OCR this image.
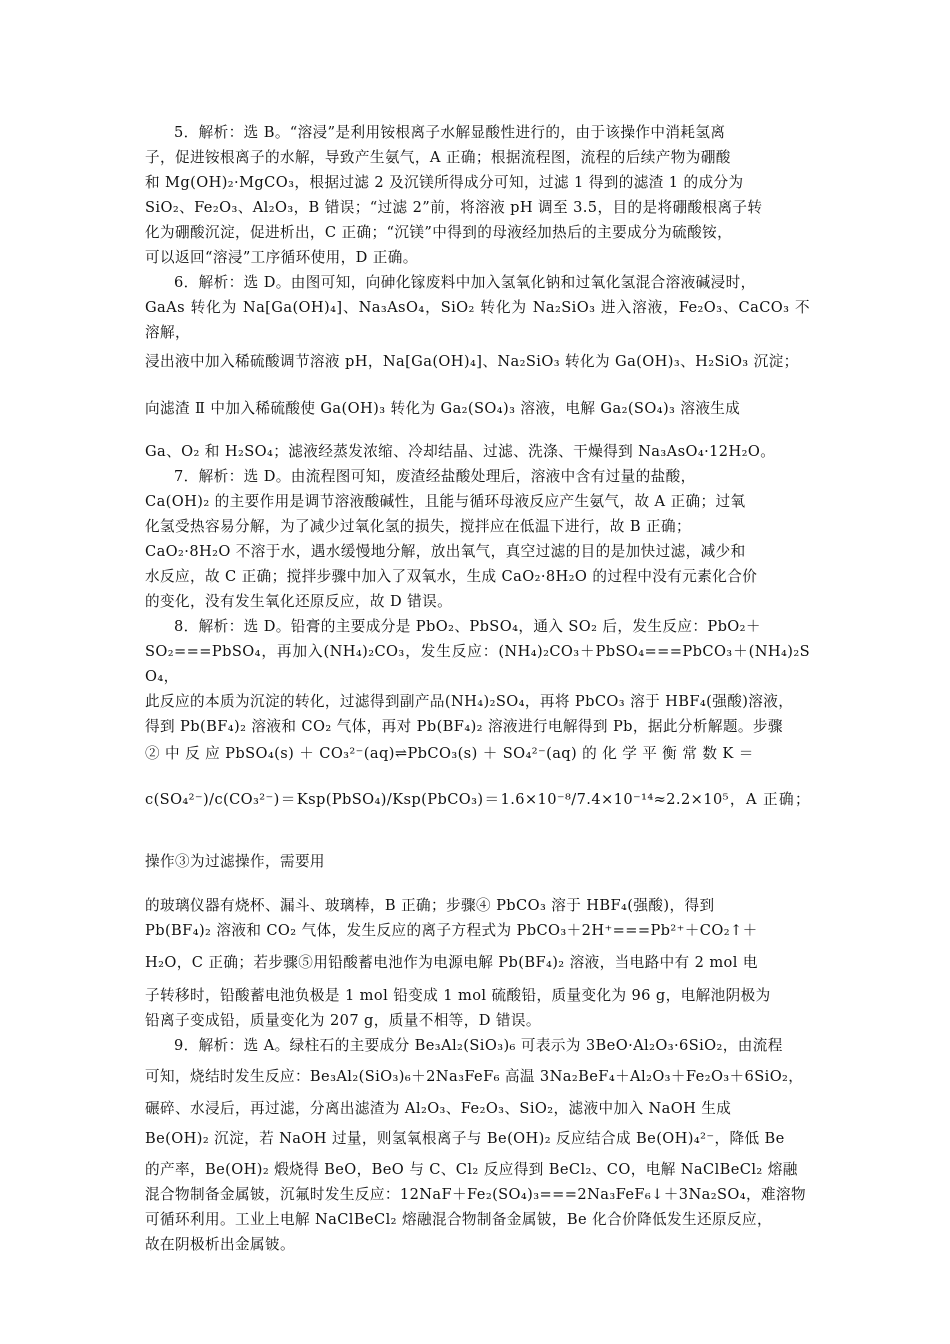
5．解析：选 B。“溶浸”是利用铵根离子水解显酸性进行的，由于该操作中消耗氢离

子，促进铵根离子的水解，导致产生氨气，A 正确；根据流程图，流程的后续产物为硼酸

和 Mg(OH)₂·MgCO₃，根据过滤 2 及沉镁所得成分可知，过滤 1 得到的滤渣 1 的成分为

SiO₂、Fe₂O₃、Al₂O₃，B 错误；“过滤 2”前，将溶液 pH 调至 3.5，目的是将硼酸根离子转

化为硼酸沉淀，促进析出，C 正确；“沉镁”中得到的母液经加热后的主要成分为硫酸铵，

可以返回“溶浸”工序循环使用，D 正确。

6．解析：选 D。由图可知，向砷化镓废料中加入氢氧化钠和过氧化氢混合溶液碱浸时，

GaAs 转化为 Na[Ga(OH)₄]、Na₃AsO₄，SiO₂ 转化为 Na₂SiO₃ 进入溶液，Fe₂O₃、CaCO₃ 不溶解，

浸出液中加入稀硫酸调节溶液 pH，Na[Ga(OH)₄]、Na₂SiO₃ 转化为 Ga(OH)₃、H₂SiO₃ 沉淀；

向滤渣 Ⅱ 中加入稀硫酸使 Ga(OH)₃ 转化为 Ga₂(SO₄)₃ 溶液，电解 Ga₂(SO₄)₃ 溶液生成

Ga、O₂ 和 H₂SO₄；滤液经蒸发浓缩、冷却结晶、过滤、洗涤、干燥得到 Na₃AsO₄·12H₂O。

7．解析：选 D。由流程图可知，废渣经盐酸处理后，溶液中含有过量的盐酸，

Ca(OH)₂ 的主要作用是调节溶液酸碱性，且能与循环母液反应产生氨气，故 A 正确；过氧

化氢受热容易分解，为了减少过氧化氢的损失，搅拌应在低温下进行，故 B 正确；

CaO₂·8H₂O 不溶于水，遇水缓慢地分解，放出氧气，真空过滤的目的是加快过滤，减少和

水反应，故 C 正确；搅拌步骤中加入了双氧水，生成 CaO₂·8H₂O 的过程中没有元素化合价

的变化，没有发生氧化还原反应，故 D 错误。

8．解析：选 D。铅膏的主要成分是 PbO₂、PbSO₄，通入 SO₂ 后，发生反应：PbO₂＋

SO₂===PbSO₄，再加入(NH₄)₂CO₃，发生反应：(NH₄)₂CO₃＋PbSO₄===PbCO₃＋(NH₄)₂SO₄，

此反应的本质为沉淀的转化，过滤得到副产品(NH₄)₂SO₄，再将 PbCO₃ 溶于 HBF₄(强酸)溶液，

得到 Pb(BF₄)₂ 溶液和 CO₂ 气体，再对 Pb(BF₄)₂ 溶液进行电解得到 Pb，据此分析解题。步骤

② 中 反 应 PbSO₄(s) ＋ CO₃²⁻(aq)⇌PbCO₃(s) ＋ SO₄²⁻(aq) 的 化 学 平 衡 常 数 K ＝

c(SO₄²⁻)/c(CO₃²⁻)＝Ksp(PbSO₄)/Ksp(PbCO₃)＝1.6×10⁻⁸/7.4×10⁻¹⁴≈2.2×10⁵，A 正确；操作③为过滤操作，需要用

的玻璃仪器有烧杯、漏斗、玻璃棒，B 正确；步骤④ PbCO₃ 溶于 HBF₄(强酸)，得到

Pb(BF₄)₂ 溶液和 CO₂ 气体，发生反应的离子方程式为 PbCO₃＋2H⁺===Pb²⁺＋CO₂↑＋

H₂O，C 正确；若步骤⑤用铅酸蓄电池作为电源电解 Pb(BF₄)₂ 溶液，当电路中有 2 mol 电

子转移时，铅酸蓄电池负极是 1 mol 铅变成 1 mol 硫酸铅，质量变化为 96 g，电解池阴极为

铅离子变成铅，质量变化为 207 g，质量不相等，D 错误。

9．解析：选 A。绿柱石的主要成分 Be₃Al₂(SiO₃)₆ 可表示为 3BeO·Al₂O₃·6SiO₂，由流程

可知，烧结时发生反应：Be₃Al₂(SiO₃)₆＋2Na₃FeF₆ 高温 3Na₂BeF₄＋Al₂O₃＋Fe₂O₃＋6SiO₂，

碾碎、水浸后，再过滤，分离出滤渣为 Al₂O₃、Fe₂O₃、SiO₂，滤液中加入 NaOH 生成

Be(OH)₂ 沉淀，若 NaOH 过量，则氢氧根离子与 Be(OH)₂ 反应结合成 Be(OH)₄²⁻，降低 Be

的产率，Be(OH)₂ 煅烧得 BeO，BeO 与 C、Cl₂ 反应得到 BeCl₂、CO，电解 NaClBeCl₂ 熔融

混合物制备金属铍，沉氟时发生反应：12NaF＋Fe₂(SO₄)₃===2Na₃FeF₆↓＋3Na₂SO₄，难溶物

可循环利用。工业上电解 NaClBeCl₂ 熔融混合物制备金属铍，Be 化合价降低发生还原反应，

故在阴极析出金属铍。
